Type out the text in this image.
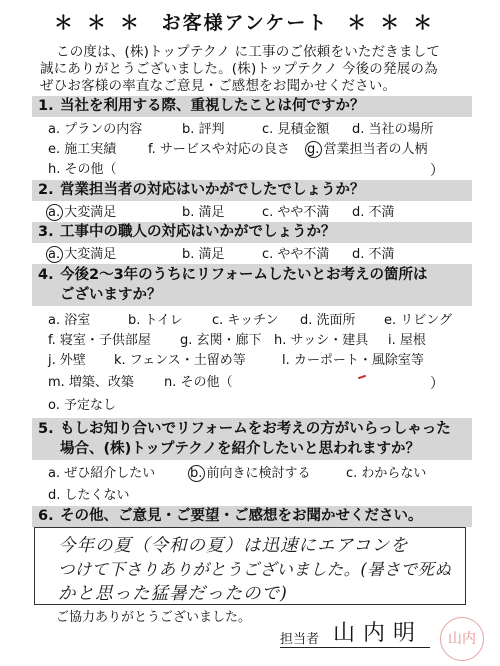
＊＊＊ お客様アンケート ＊＊＊
この度は、(株)トップテクノ に工事のご依頼をいただきまして
誠にありがとうございました。(株)トップテクノ 今後の発展の為
ぜひお客様の率直なご意見・ご感想をお聞かせください。
1. 当社を利用する際、重視したことは何ですか？
a. プランの内容	b. 評判	c. 見積金額 d. 当社の場所
e. 施工実績 f. サービスや対応の良さ g. 営業担当者の人柄
h. その他（	）
2. 営業担当者の対応はいかがでしたでしょうか？
a. 大変満足	b. 満足	c. やや不満 d. 不満
3. 工事中の職人の対応はいかがでしょうか？
a. 大変満足	b. 満足	c. やや不満 d. 不満
4. 今後2～3年のうちにリフォームしたいとお考えの箇所は
ございますか？
a. 浴室	b. トイレ c. キッチン d. 洗面所 e. リビング
f. 寝室・子供部屋 g. 玄関・廊下 h. サッシ・建具 i. 屋根
j. 外壁 k. フェンス・土留め等	l. カーポート・風除室等
m. 増築、改築 n. その他（	）
o. 予定なし
5. もしお知り合いでリフォームをお考えの方がいらっしゃった
場合、(株)トップテクノを紹介したいと思われますか？
a. ぜひ紹介したい	b. 前向きに検討する	c. わからない
d. したくない
6. その他、ご意見・ご要望・ご感想をお聞かせください。
今年の夏（令和の夏）は迅速にエアコンを
つけて下さりありがとうございました。(暑さで死ぬ
かと思った猛暑だったので)
ご協力ありがとうございました。
担当者 山内明	山内
